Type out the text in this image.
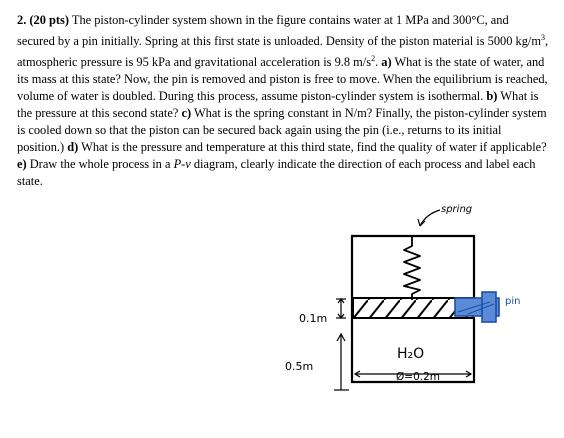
2. (20 pts) The piston-cylinder system shown in the figure contains water at 1 MPa and 300°C, and secured by a pin initially. Spring at this first state is unloaded. Density of the piston material is 5000 $kg/m^3$, atmospheric pressure is 95 kPa and gravitational acceleration is 9.8 $m/s^2$. a) What is the state of water, and its mass at this state? Now, the pin is removed and piston is free to move. When the equilibrium is reached, volume of water is doubled. During this process, assume piston-cylinder system is isothermal. b) What is the pressure at this second state? c) What is the spring constant in N/m? Finally, the piston-cylinder system is cooled down so that the piston can be secured back again using the pin (i.e., returns to its initial position.) d) What is the pressure and temperature at this third state, find the quality of water if applicable? e) Draw the whole process in a P-v diagram, clearly indicate the direction of each process and label each state.
spring
pin
0.1m
0.5m
H₂O
Ø=0.2m
